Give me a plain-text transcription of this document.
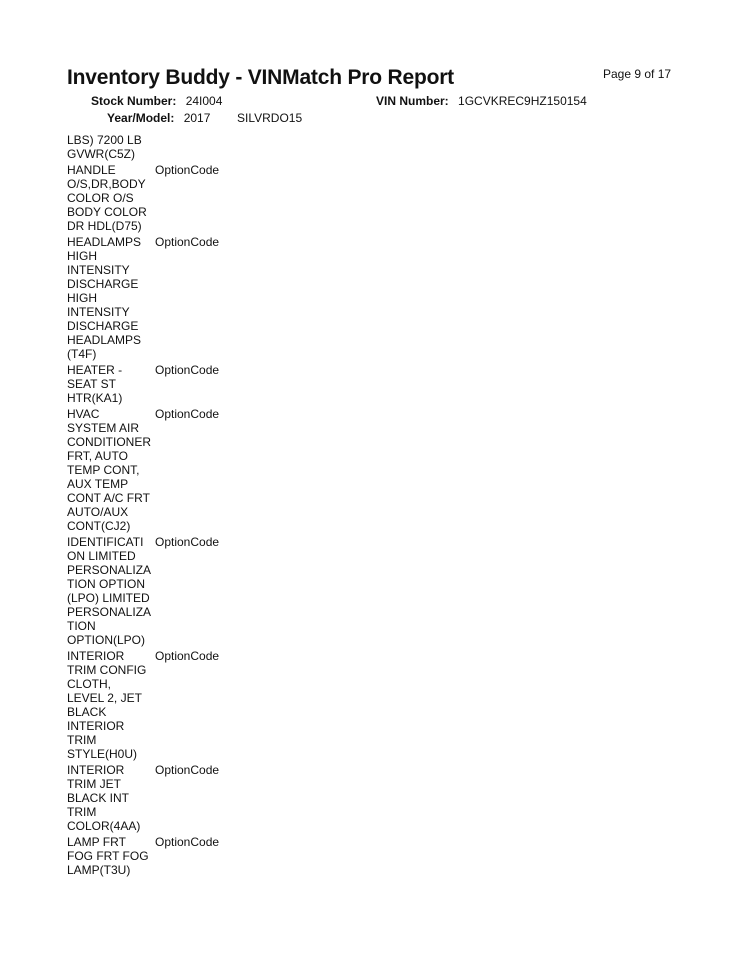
Inventory Buddy - VINMatch Pro Report	Page 9 of 17
Stock Number: 24I004	VIN Number: 1GCVKREC9HZ150154
Year/Model: 2017 SILVRDO15
LBS) 7200 LB
GVWR(C5Z)
HANDLE
O/S,DR,BODY
COLOR O/S
BODY COLOR
DR HDL(D75)
OptionCode
HEADLAMPS
HIGH
INTENSITY
DISCHARGE
HIGH
INTENSITY
DISCHARGE
HEADLAMPS
(T4F)
OptionCode
HEATER -
SEAT ST
HTR(KA1)
OptionCode
HVAC
SYSTEM AIR
CONDITIONER
FRT, AUTO
TEMP CONT,
AUX TEMP
CONT A/C FRT
AUTO/AUX
CONT(CJ2)
OptionCode
IDENTIFICATI
ON LIMITED
PERSONALIZA
TION OPTION
(LPO) LIMITED
PERSONALIZA
TION
OPTION(LPO)
OptionCode
INTERIOR
TRIM CONFIG
CLOTH,
LEVEL 2, JET
BLACK
INTERIOR
TRIM
STYLE(H0U)
OptionCode
INTERIOR
TRIM JET
BLACK INT
TRIM
COLOR(4AA)
OptionCode
LAMP FRT
FOG FRT FOG
LAMP(T3U)
OptionCode
